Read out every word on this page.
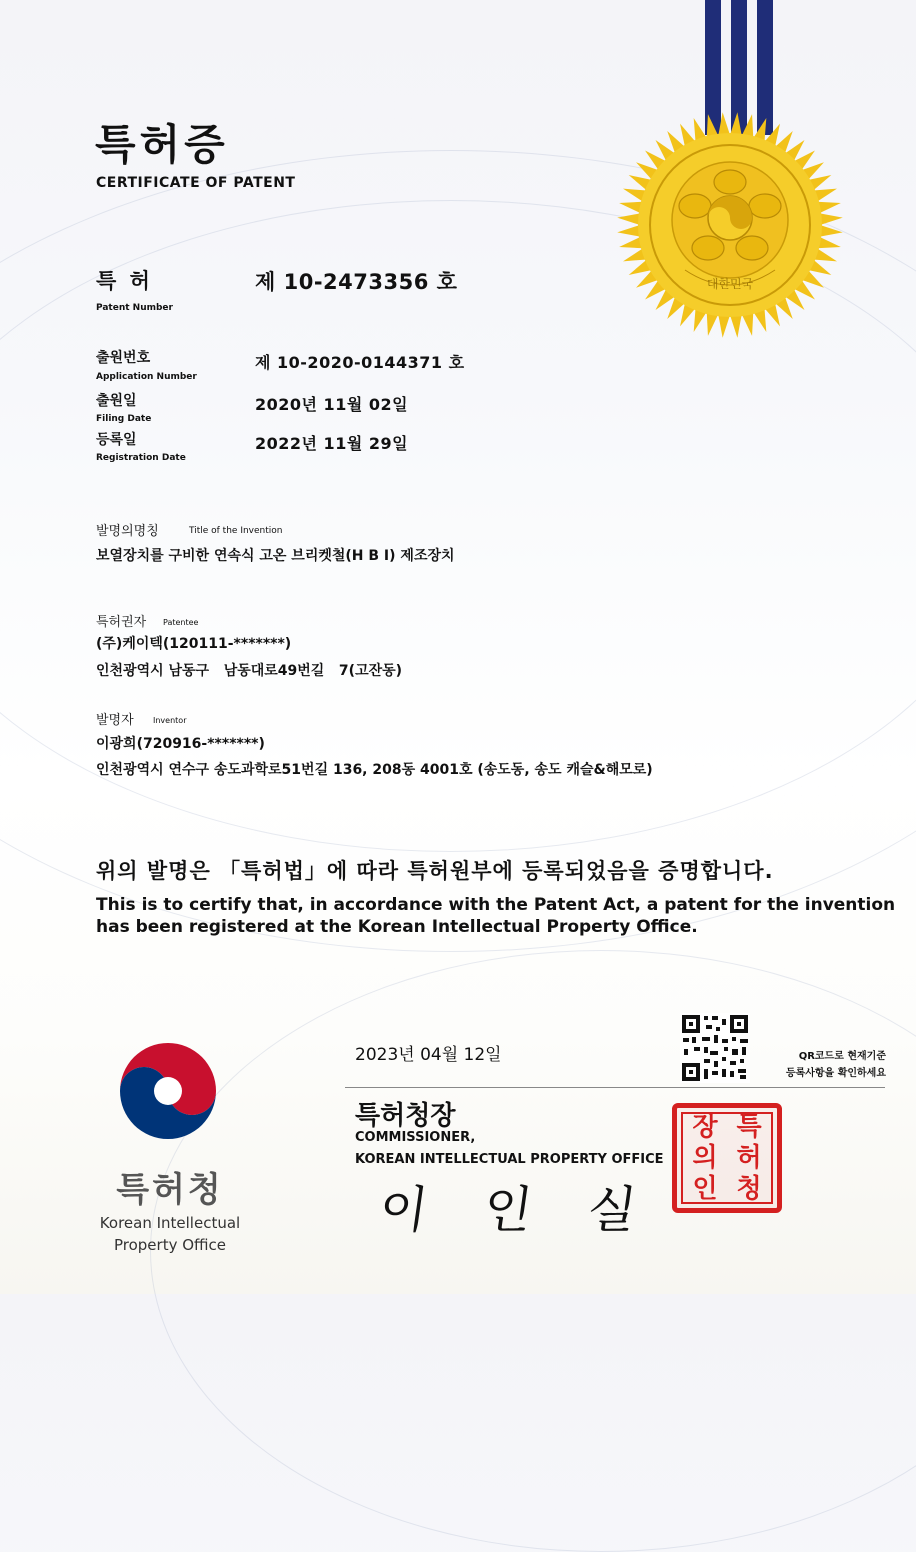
대한민국
특허증
CERTIFICATE OF PATENT
특 허
Patent Number
제 10-2473356 호
출원번호
Application Number
제 10-2020-0144371 호
출원일
Filing Date
2020년 11월 02일
등록일
Registration Date
2022년 11월 29일
발명의명칭	Title of the Invention
보열장치를 구비한 연속식 고온 브리켓철(H B I) 제조장치
특허권자 Patentee
(주)케이텍(120111-*******)
인천광역시 남동구   남동대로49번길   7(고잔동)
발명자 Inventor
이광희(720916-*******)
인천광역시 연수구 송도과학로51번길 136, 208동 4001호 (송도동, 송도 캐슬&해모로)
위의 발명은 「특허법」에 따라 특허원부에 등록되었음을 증명합니다.
This is to certify that, in accordance with the Patent Act, a patent for the invention
has been registered at the Korean Intellectual Property Office.
특허청
Korean Intellectual
Property Office
2023년 04월 12일	QR코드로 현재기준
등록사항을 확인하세요
특허청장
COMMISSIONER,
KOREAN INTELLECTUAL PROPERTY OFFICE
이 인 실
장 특
의 허
인 청
